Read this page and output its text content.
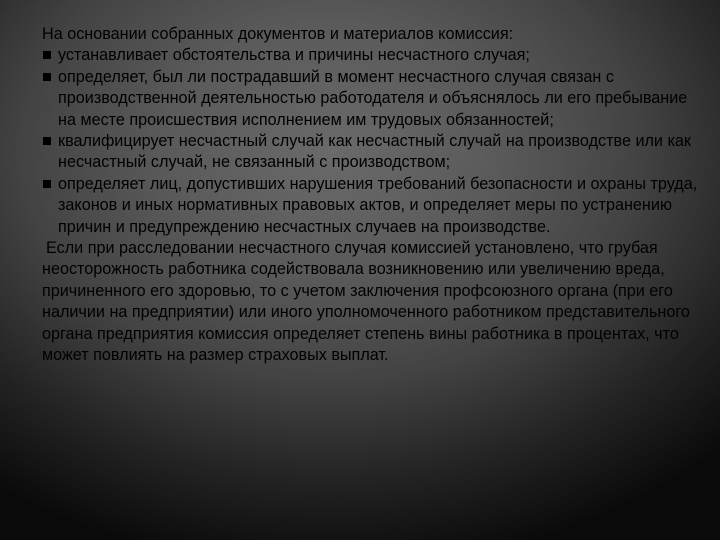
На основании собранных документов и материалов комиссия:

устанавливает обстоятельства и причины несчастного случая;
определяет, был ли пострадавший в момент несчастного случая связан с производственной деятельностью работодателя и объяснялось ли его пребывание на месте происшествия исполнением им трудовых обязанностей;
квалифицирует несчастный случай как несчастный случай на производстве или как несчастный случай, не связанный с производством;
определяет лиц, допустивших нарушения требований безопасности и охраны труда, законов и иных нормативных правовых актов, и определяет меры по устранению причин и предупреждению несчастных случаев на производстве.

Если при расследовании несчастного случая комиссией установлено, что грубая неосторожность работника содействовала возникновению или увеличению вреда, причиненного его здоровью, то с учетом заключения профсоюзного органа (при его наличии на предприятии) или иного уполномоченного работником представительного органа предприятия комиссия определяет степень вины работника в процентах, что может повлиять на размер страховых выплат.
